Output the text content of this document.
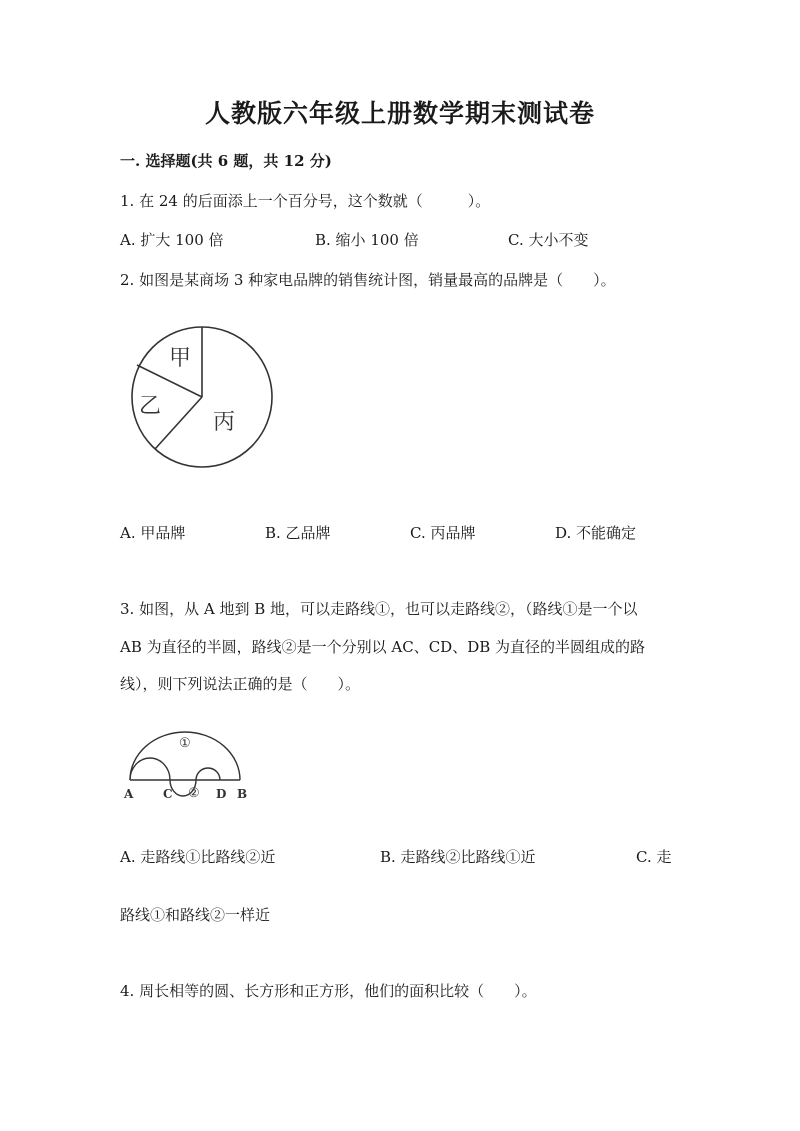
人教版六年级上册数学期末测试卷
一. 选择题(共 6 题，共 12 分)
1. 在 24 的后面添上一个百分号，这个数就（　　　）。
A. 扩大 100 倍	B. 缩小 100 倍	C. 大小不变
2. 如图是某商场 3 种家电品牌的销售统计图，销量最高的品牌是（　　）。
甲
乙
丙
A. 甲品牌	B. 乙品牌	C. 丙品牌	D. 不能确定
3. 如图，从 A 地到 B 地，可以走路线①，也可以走路线②，（路线①是一个以
AB 为直径的半圆，路线②是一个分别以 AC、CD、DB 为直径的半圆组成的路
线），则下列说法正确的是（　　）。
①
②
A C	D B
A. 走路线①比路线②近	B. 走路线②比路线①近	C. 走
路线①和路线②一样近
4. 周长相等的圆、长方形和正方形，他们的面积比较（　　）。
